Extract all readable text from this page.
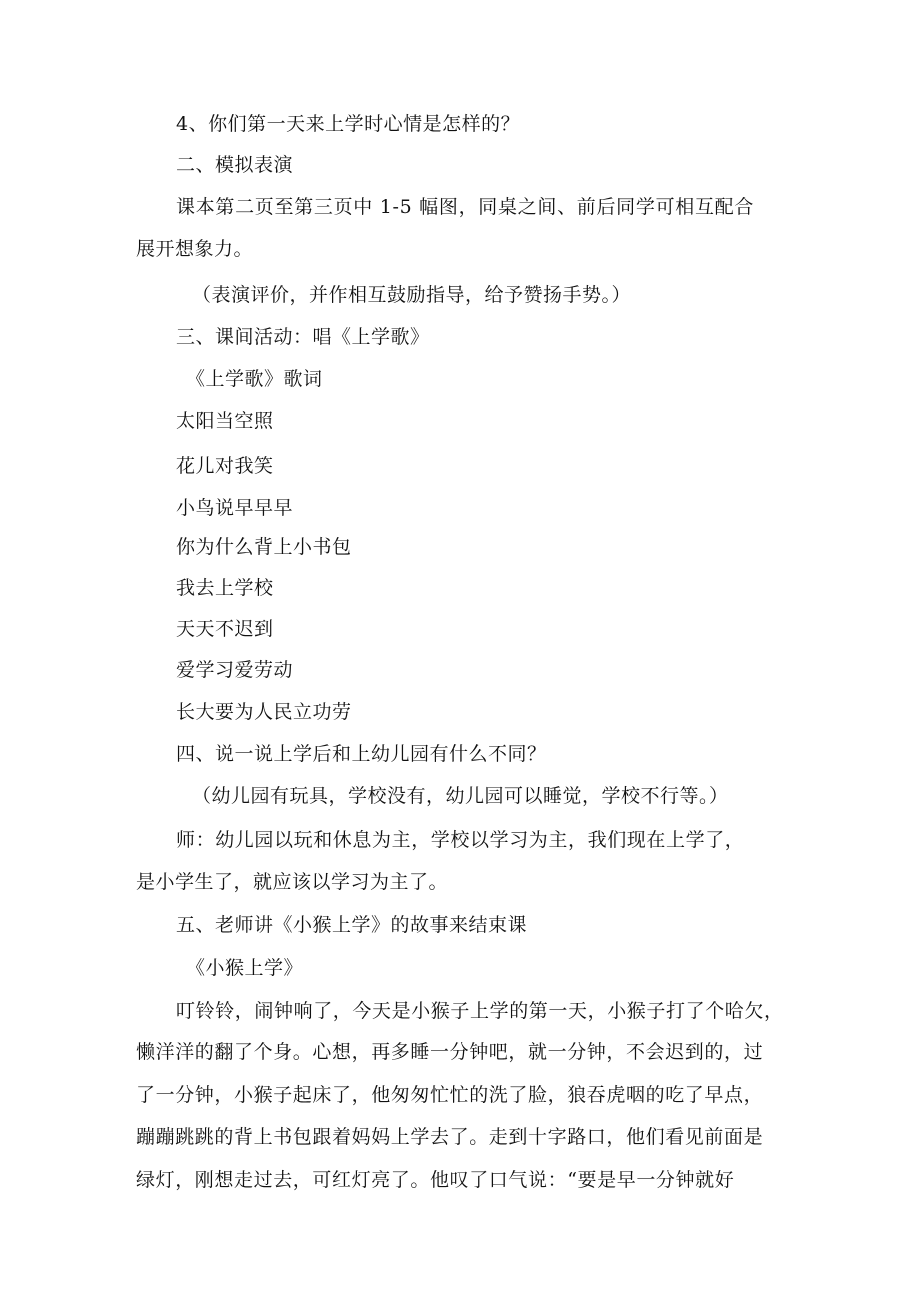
4、你们第一天来上学时心情是怎样的？
二、模拟表演
课本第二页至第三页中 1-5 幅图，同桌之间、前后同学可相互配合
展开想象力。
（表演评价，并作相互鼓励指导，给予赞扬手势。）
三、课间活动：唱《上学歌》
《上学歌》歌词
太阳当空照
花儿对我笑
小鸟说早早早
你为什么背上小书包
我去上学校
天天不迟到
爱学习爱劳动
长大要为人民立功劳
四、说一说上学后和上幼儿园有什么不同？
（幼儿园有玩具，学校没有，幼儿园可以睡觉，学校不行等。）
师：幼儿园以玩和休息为主，学校以学习为主，我们现在上学了，
是小学生了，就应该以学习为主了。
五、老师讲《小猴上学》的故事来结束课
《小猴上学》
叮铃铃，闹钟响了，今天是小猴子上学的第一天，小猴子打了个哈欠，
懒洋洋的翻了个身。心想，再多睡一分钟吧，就一分钟，不会迟到的，过
了一分钟，小猴子起床了，他匆匆忙忙的洗了脸，狼吞虎咽的吃了早点，
蹦蹦跳跳的背上书包跟着妈妈上学去了。走到十字路口，他们看见前面是
绿灯，刚想走过去，可红灯亮了。他叹了口气说：“要是早一分钟就好
